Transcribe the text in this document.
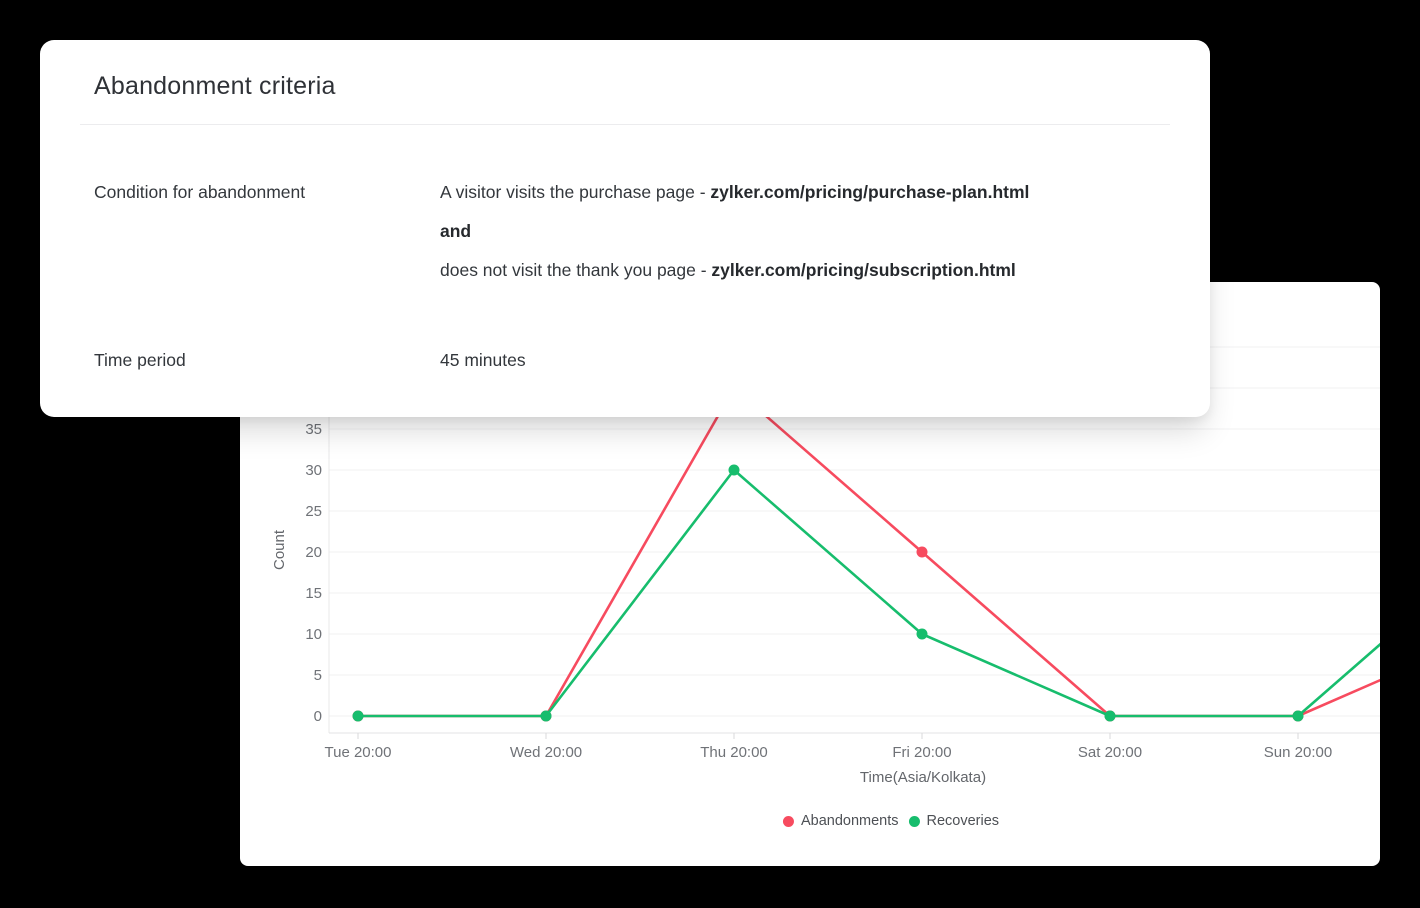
0
5
10
15
20
25
30
35
Tue 20:00	Wed 20:00	Thu 20:00	Fri 20:00	Sat 20:00	Sun 20:00
Time(Asia/Kolkata)
Count
Abandonments Recoveries
Abandonment criteria
Condition for abandonment	A visitor visits the purchase page - zylker.com/pricing/purchase-plan.html
and
does not visit the thank you page - zylker.com/pricing/subscription.html
Time period	45 minutes
